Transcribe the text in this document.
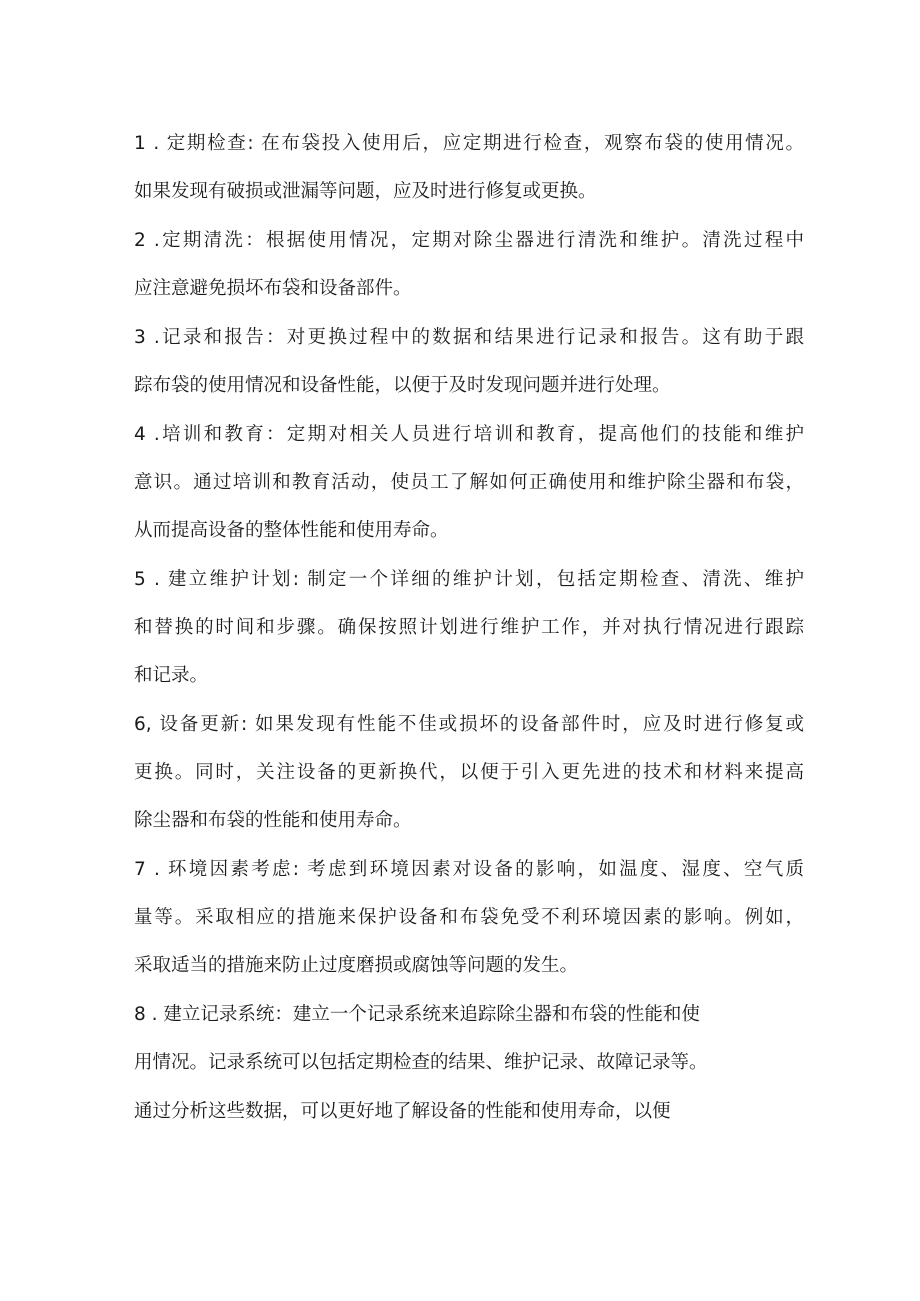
1 . 定期检查: 在布袋投入使用后，应定期进行检查，观察布袋的使用情况。
如果发现有破损或泄漏等问题，应及时进行修复或更换。
2 .定期清洗：根据使用情况，定期对除尘器进行清洗和维护。清洗过程中
应注意避免损坏布袋和设备部件。
3 .记录和报告：对更换过程中的数据和结果进行记录和报告。这有助于跟
踪布袋的使用情况和设备性能，以便于及时发现问题并进行处理。
4 .培训和教育：定期对相关人员进行培训和教育，提高他们的技能和维护
意识。通过培训和教育活动，使员工了解如何正确使用和维护除尘器和布袋，
从而提高设备的整体性能和使用寿命。
5 . 建立维护计划: 制定一个详细的维护计划，包括定期检查、清洗、维护
和替换的时间和步骤。确保按照计划进行维护工作，并对执行情况进行跟踪
和记录。
6, 设备更新: 如果发现有性能不佳或损坏的设备部件时，应及时进行修复或
更换。同时，关注设备的更新换代，以便于引入更先进的技术和材料来提高
除尘器和布袋的性能和使用寿命。
7 . 环境因素考虑: 考虑到环境因素对设备的影响，如温度、湿度、空气质
量等。采取相应的措施来保护设备和布袋免受不利环境因素的影响。例如，
采取适当的措施来防止过度磨损或腐蚀等问题的发生。
8 . 建立记录系统：建立一个记录系统来追踪除尘器和布袋的性能和使
用情况。记录系统可以包括定期检查的结果、维护记录、故障记录等。
通过分析这些数据，可以更好地了解设备的性能和使用寿命，以便
